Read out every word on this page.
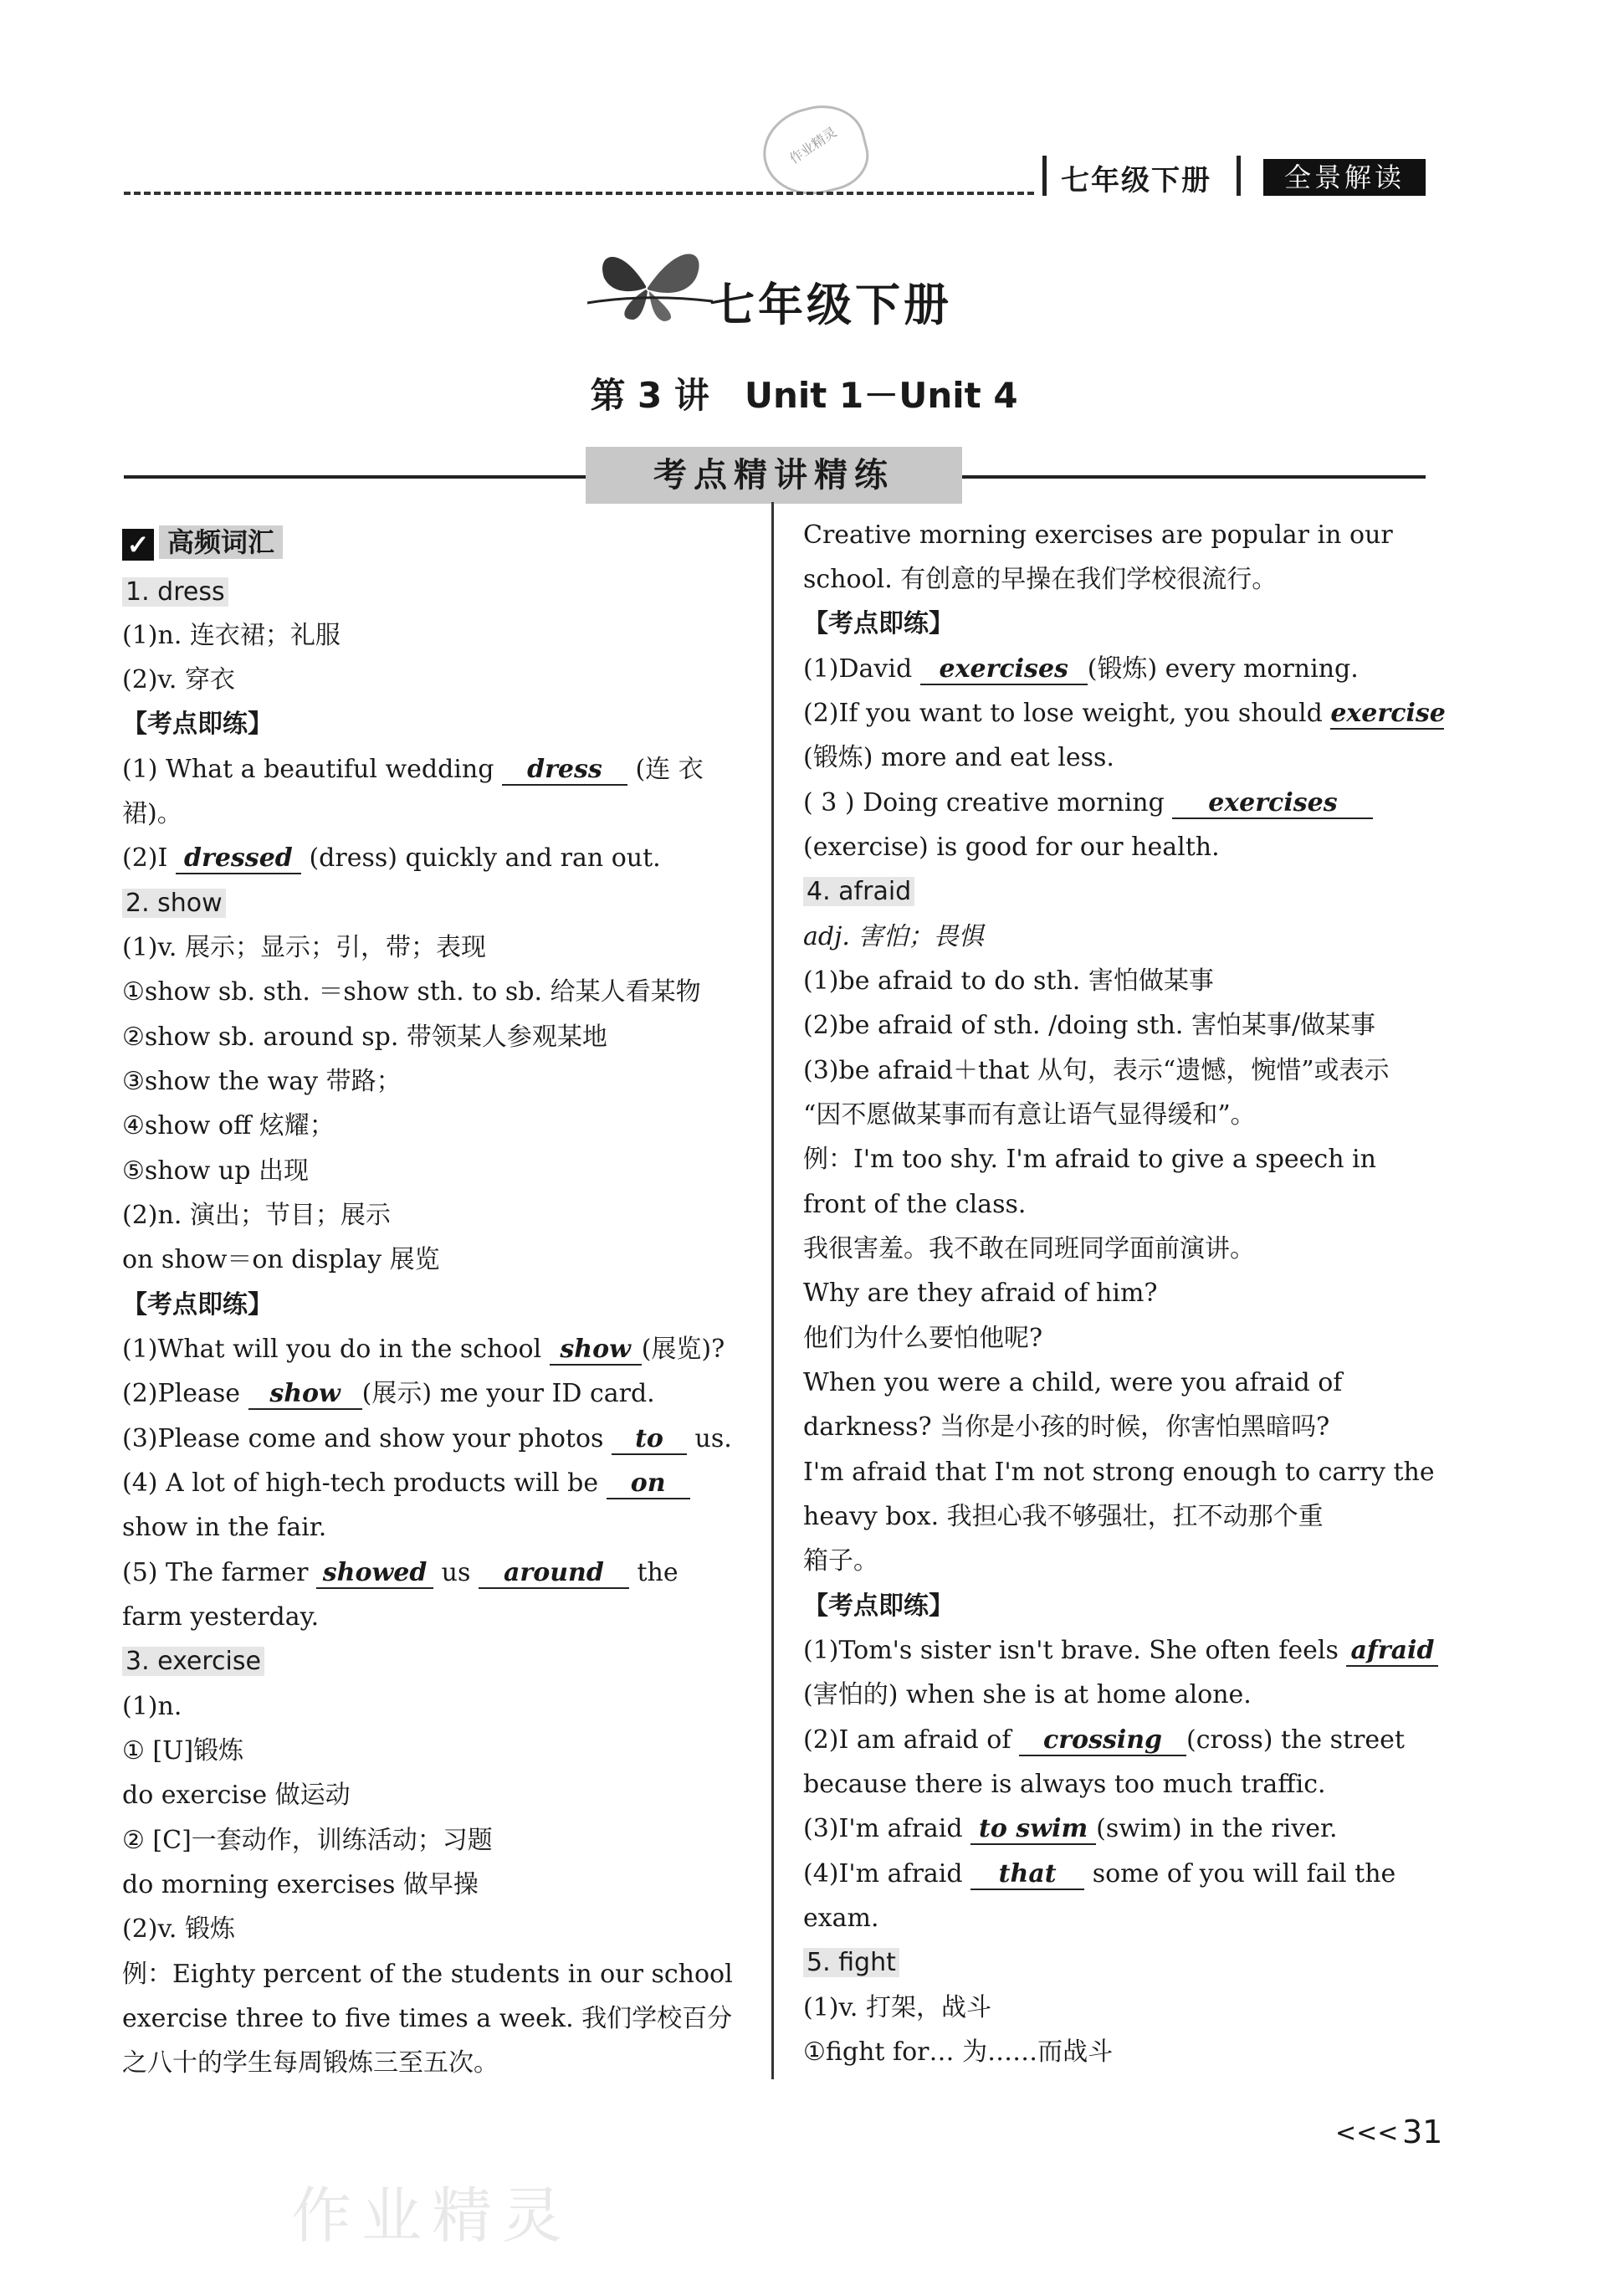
作业精灵
七年级下册	全景解读
七年级下册
第 3 讲　Unit 1－Unit 4
考点精讲精练
✓ 高频词汇
1. dress
(1)n. 连衣裙；礼服
(2)v. 穿衣
【考点即练】
(1) What a beautiful wedding dress (连 衣
裙)。
(2)I dressed (dress) quickly and ran out.
2. show
(1)v. 展示；显示；引，带；表现
①show sb. sth. ＝show sth. to sb. 给某人看某物
②show sb. around sp. 带领某人参观某地
③show the way 带路；
④show off 炫耀；
⑤show up 出现
(2)n. 演出；节目；展示
on show＝on display 展览
【考点即练】
(1)What will you do in the school show (展览)?
(2)Please show (展示) me your ID card.
(3)Please come and show your photos to us.
(4) A lot of high-tech products will be on
show in the fair.
(5) The farmer showed us around the
farm yesterday.
3. exercise
(1)n.
① [U]锻炼
do exercise 做运动
② [C]一套动作，训练活动；习题
do morning exercises 做早操
(2)v. 锻炼
例：Eighty percent of the students in our school
exercise three to five times a week. 我们学校百分
之八十的学生每周锻炼三至五次。
Creative morning exercises are popular in our
school. 有创意的早操在我们学校很流行。
【考点即练】
(1)David exercises (锻炼) every morning.
(2)If you want to lose weight, you should exercise
(锻炼) more and eat less.
( 3 ) Doing creative morning exercises
(exercise) is good for our health.
4. afraid
adj. 害怕；畏惧
(1)be afraid to do sth. 害怕做某事
(2)be afraid of sth. /doing sth. 害怕某事/做某事
(3)be afraid＋that 从句，表示“遗憾，惋惜”或表示
“因不愿做某事而有意让语气显得缓和”。
例：I'm too shy. I'm afraid to give a speech in
front of the class.
我很害羞。我不敢在同班同学面前演讲。
Why are they afraid of him?
他们为什么要怕他呢?
When you were a child, were you afraid of
darkness? 当你是小孩的时候，你害怕黑暗吗?
I'm afraid that I'm not strong enough to carry the
heavy box. 我担心我不够强壮，扛不动那个重
箱子。
【考点即练】
(1)Tom's sister isn't brave. She often feels afraid
(害怕的) when she is at home alone.
(2)I am afraid of crossing (cross) the street
because there is always too much traffic.
(3)I'm afraid to swim (swim) in the river.
(4)I'm afraid that some of you will fail the
exam.
5. fight
(1)v. 打架，战斗
①fight for… 为……而战斗
作业精灵
<<< 31
